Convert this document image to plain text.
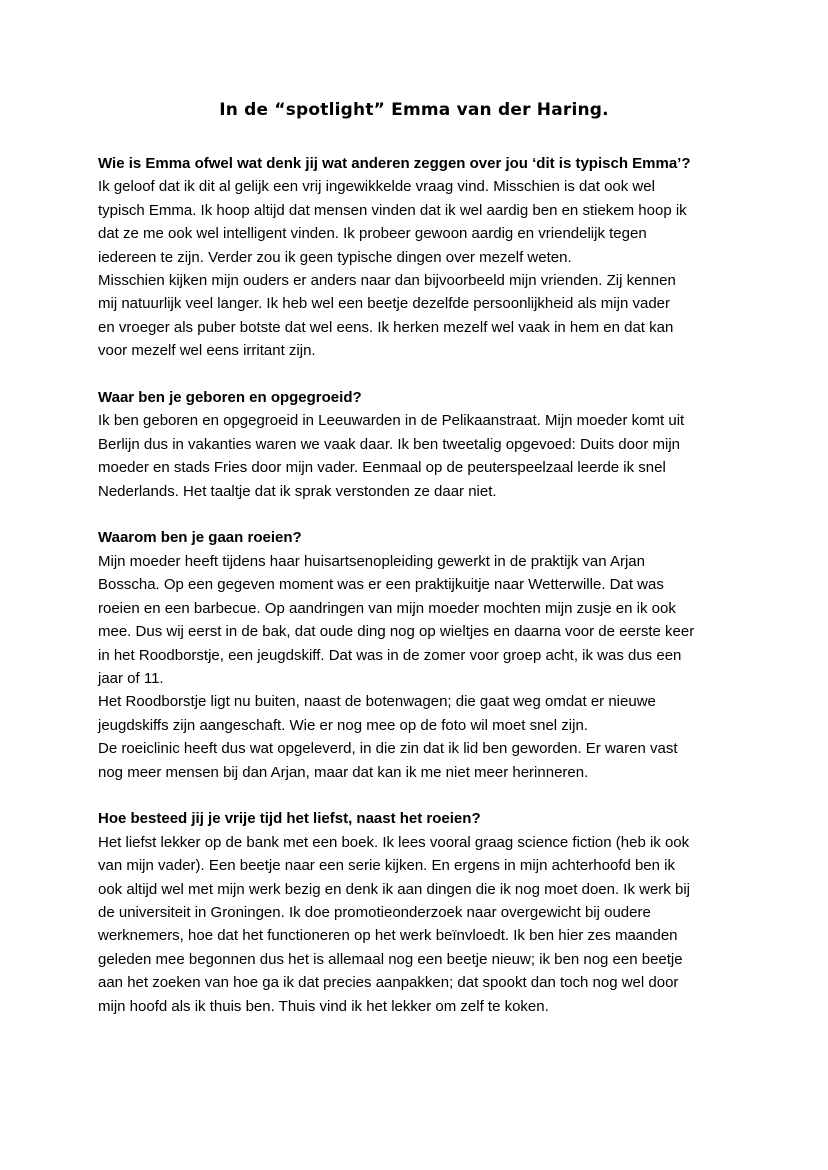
In de “spotlight” Emma van der Haring.
Wie is Emma ofwel wat denk jij wat anderen zeggen over jou ‘dit is typisch Emma’?
Ik geloof dat ik dit al gelijk een vrij ingewikkelde vraag vind. Misschien is dat ook wel
typisch Emma. Ik hoop altijd dat mensen vinden dat ik wel aardig ben en stiekem hoop ik
dat ze me ook wel intelligent vinden. Ik probeer gewoon aardig en vriendelijk tegen
iedereen te zijn. Verder zou ik geen typische dingen over mezelf weten.
Misschien kijken mijn ouders er anders naar dan bijvoorbeeld mijn vrienden. Zij kennen
mij natuurlijk veel langer. Ik heb wel een beetje dezelfde persoonlijkheid als mijn vader
en vroeger als puber botste dat wel eens. Ik herken mezelf wel vaak in hem en dat kan
voor mezelf wel eens irritant zijn.
Waar ben je geboren en opgegroeid?
Ik ben geboren en opgegroeid in Leeuwarden in de Pelikaanstraat. Mijn moeder komt uit
Berlijn dus in vakanties waren we vaak daar. Ik ben tweetalig opgevoed: Duits door mijn
moeder en stads Fries door mijn vader. Eenmaal op de peuterspeelzaal leerde ik snel
Nederlands. Het taaltje dat ik sprak verstonden ze daar niet.
Waarom ben je gaan roeien?
Mijn moeder heeft tijdens haar huisartsenopleiding gewerkt in de praktijk van Arjan
Bosscha. Op een gegeven moment was er een praktijkuitje naar Wetterwille. Dat was
roeien en een barbecue. Op aandringen van mijn moeder mochten mijn zusje en ik ook
mee. Dus wij eerst in de bak, dat oude ding nog op wieltjes en daarna voor de eerste keer
in het Roodborstje, een jeugdskiff. Dat was in de zomer voor groep acht, ik was dus een
jaar of 11.
Het Roodborstje ligt nu buiten, naast de botenwagen; die gaat weg omdat er nieuwe
jeugdskiffs zijn aangeschaft. Wie er nog mee op de foto wil moet snel zijn.
De roeiclinic heeft dus wat opgeleverd, in die zin dat ik lid ben geworden. Er waren vast
nog meer mensen bij dan Arjan, maar dat kan ik me niet meer herinneren.
Hoe besteed jij je vrije tijd het liefst, naast het roeien?
Het liefst lekker op de bank met een boek. Ik lees vooral graag science fiction (heb ik ook
van mijn vader). Een beetje naar een serie kijken. En ergens in mijn achterhoofd ben ik
ook altijd wel met mijn werk bezig en denk ik aan dingen die ik nog moet doen. Ik werk bij
de universiteit in Groningen. Ik doe promotieonderzoek naar overgewicht bij oudere
werknemers, hoe dat het functioneren op het werk beïnvloedt. Ik ben hier zes maanden
geleden mee begonnen dus het is allemaal nog een beetje nieuw; ik ben nog een beetje
aan het zoeken van hoe ga ik dat precies aanpakken; dat spookt dan toch nog wel door
mijn hoofd als ik thuis ben. Thuis vind ik het lekker om zelf te koken.
